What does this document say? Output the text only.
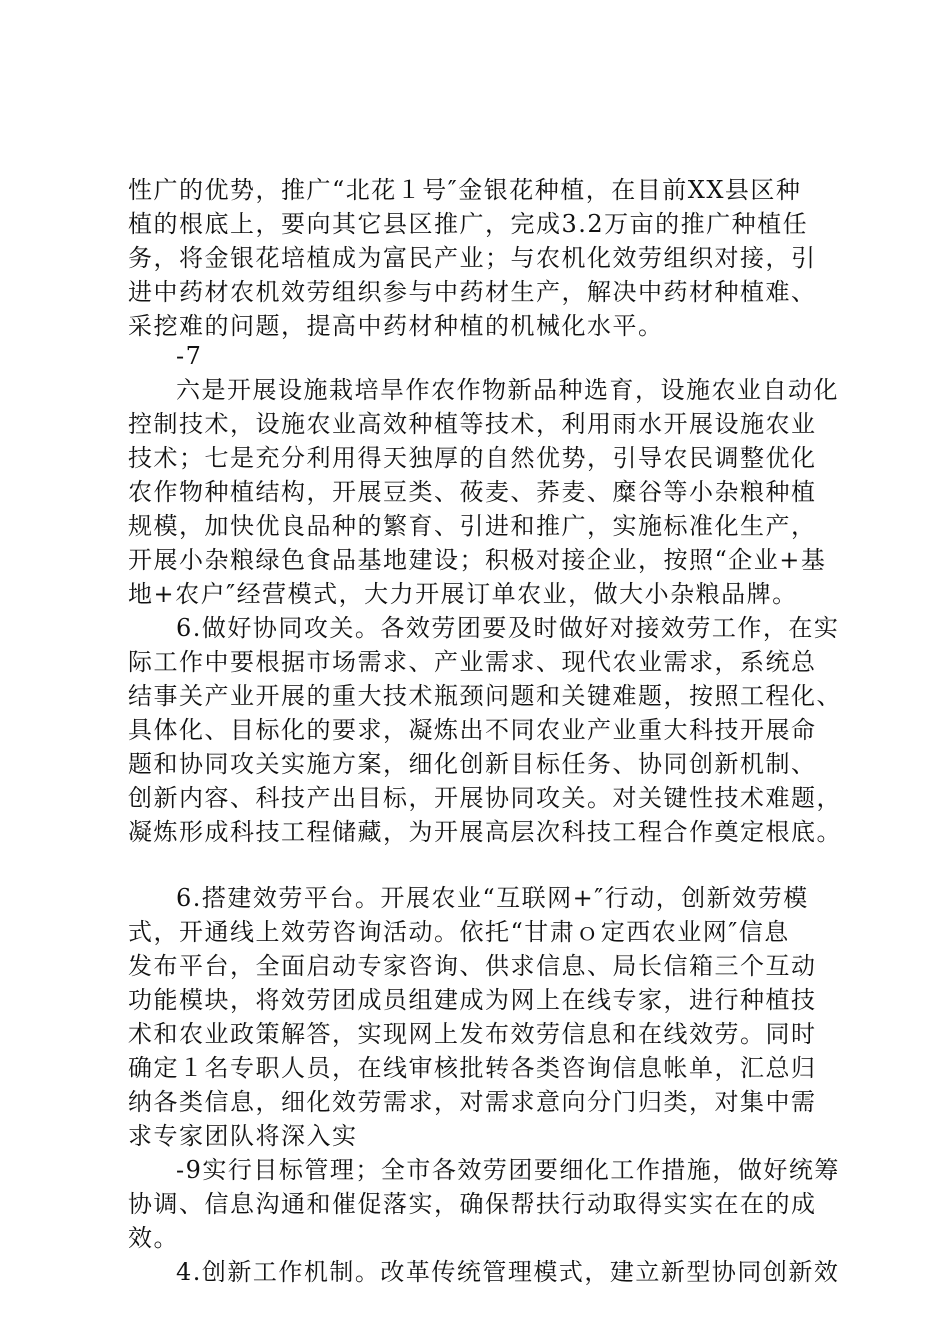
性广的优势，推广“北花１号″金银花种植，在目前XX县区种
植的根底上，要向其它县区推广，完成3.2万亩的推广种植任
务，将金银花培植成为富民产业；与农机化效劳组织对接，引
进中药材农机效劳组织参与中药材生产，解决中药材种植难、
采挖难的问题，提高中药材种植的机械化水平。
-7
六是开展设施栽培旱作农作物新品种选育，设施农业自动化
控制技术，设施农业高效种植等技术，利用雨水开展设施农业
技术；七是充分利用得天独厚的自然优势，引导农民调整优化
农作物种植结构，开展豆类、莜麦、荞麦、糜谷等小杂粮种植
规模，加快优良品种的繁育、引进和推广，实施标准化生产，
开展小杂粮绿色食品基地建设；积极对接企业，按照“企业+基
地+农户″经营模式，大力开展订单农业，做大小杂粮品牌。
6.做好协同攻关。各效劳团要及时做好对接效劳工作，在实
际工作中要根据市场需求、产业需求、现代农业需求，系统总
结事关产业开展的重大技术瓶颈问题和关键难题，按照工程化、
具体化、目标化的要求，凝炼出不同农业产业重大科技开展命
题和协同攻关实施方案，细化创新目标任务、协同创新机制、
创新内容、科技产出目标，开展协同攻关。对关键性技术难题，
凝炼形成科技工程储藏，为开展高层次科技工程合作奠定根底。
6.搭建效劳平台。开展农业“互联网+″行动，创新效劳模
式，开通线上效劳咨询活动。依托“甘肃ｏ定西农业网″信息
发布平台，全面启动专家咨询、供求信息、局长信箱三个互动
功能模块，将效劳团成员组建成为网上在线专家，进行种植技
术和农业政策解答，实现网上发布效劳信息和在线效劳。同时
确定１名专职人员，在线审核批转各类咨询信息帐单，汇总归
纳各类信息，细化效劳需求，对需求意向分门归类，对集中需
求专家团队将深入实
-9实行目标管理；全市各效劳团要细化工作措施，做好统筹
协调、信息沟通和催促落实，确保帮扶行动取得实实在在的成
效。
4.创新工作机制。改革传统管理模式，建立新型协同创新效
